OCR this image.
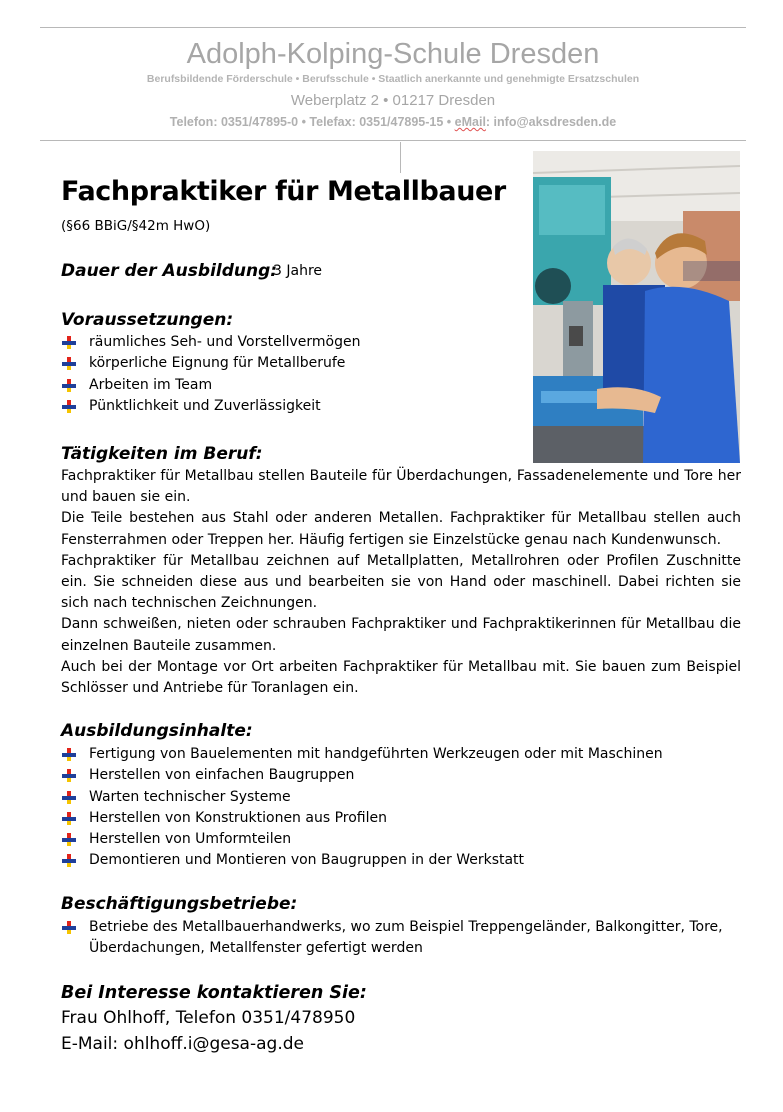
Adolph-Kolping-Schule Dresden
Berufsbildende Förderschule • Berufsschule • Staatlich anerkannte und genehmigte Ersatzschulen
Weberplatz 2 • 01217 Dresden
Telefon: 0351/47895-0 • Telefax: 0351/47895-15 • eMail: info@aksdresden.de
Fachpraktiker für Metallbauer
(§66 BBiG/§42m HwO)
Dauer der Ausbildung:
3 Jahre
Voraussetzungen:
räumliches Seh- und Vorstellvermögen
körperliche Eignung für Metallberufe
Arbeiten im Team
Pünktlichkeit und Zuverlässigkeit
Tätigkeiten im Beruf:

Fachpraktiker für Metallbau stellen Bauteile für Überdachungen, Fassadenelemente und Tore her und bauen sie ein.

Die Teile bestehen aus Stahl oder anderen Metallen. Fachpraktiker für Metallbau stellen auch Fensterrahmen oder Treppen her. Häufig fertigen sie Einzelstücke genau nach Kundenwunsch.

Fachpraktiker für Metallbau zeichnen auf Metallplatten, Metallrohren oder Profilen Zuschnitte ein. Sie schneiden diese aus und bearbeiten sie von Hand oder maschinell. Dabei richten sie sich nach technischen Zeichnungen.

Dann schweißen, nieten oder schrauben Fachpraktiker und Fachpraktikerinnen für Metallbau die einzelnen Bauteile zusammen.

Auch bei der Montage vor Ort arbeiten Fachpraktiker für Metallbau mit. Sie bauen zum Beispiel Schlösser und Antriebe für Toranlagen ein.

Ausbildungsinhalte:
Fertigung von Bauelementen mit handgeführten Werkzeugen oder mit Maschinen
Herstellen von einfachen Baugruppen
Warten technischer Systeme
Herstellen von Konstruktionen aus Profilen
Herstellen von Umformteilen
Demontieren und Montieren von Baugruppen in der Werkstatt
Beschäftigungsbetriebe:
Betriebe des Metallbauerhandwerks, wo zum Beispiel Treppengeländer, Balkongitter, Tore,
Überdachungen, Metallfenster gefertigt werden
Bei Interesse kontaktieren Sie:
Frau Ohlhoff, Telefon 0351/478950
E-Mail: ohlhoff.i@gesa-ag.de
